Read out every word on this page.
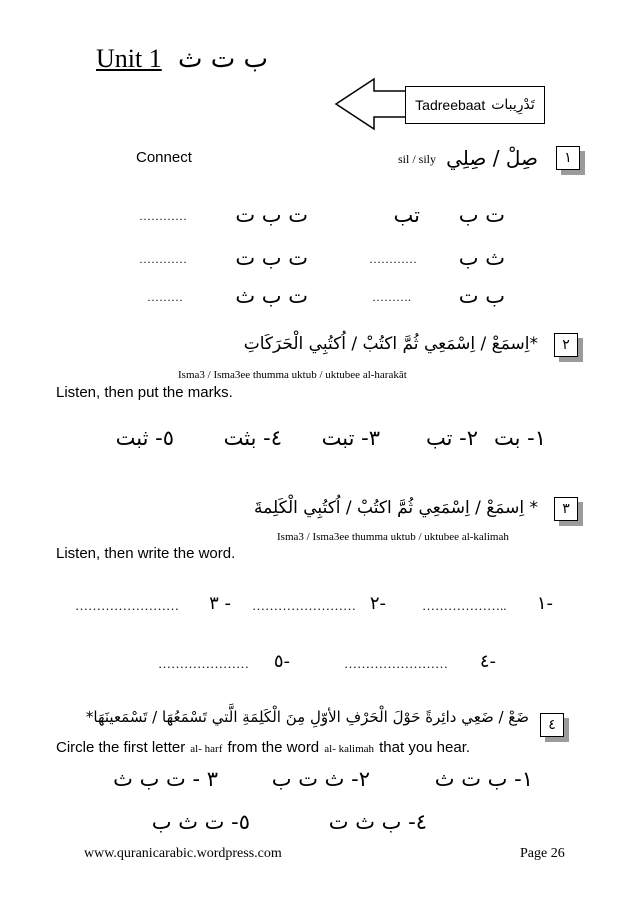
Unit 1 ب ت ث
Tadreebaat تَدْرِيبات
١
صِلْ / صِلِي
sil / sily
Connect
ت ب
تب
ت ب ت
…………
ث ب
…………
ت ب ت
…………
ب ت
……….
ت ب ث
………
٢
*اِسمَعْ / اِسْمَعِي ثُمَّ اكتُبْ / اُكتُبِي الْحَرَكَاتِ
Isma3 / Isma3ee thumma uktub / uktubee al-harakāt
Listen, then put the marks.
١- بت
٢- تب
٣- تبت
٤- بثت
٥- ثبت
٣
* اِسمَعْ / اِسْمَعِي ثُمَّ اكتُبْ / اُكتُبِي الْكَلِمةَ
Isma3 / Isma3ee thumma uktub / uktubee al-kalimah
Listen, then write the word.
١-
………………..
٢-
……………………
٣ -
……………………
٤-
……………………
٥-
…………………
٤
ضَعْ / ضَعِي دائِرةً حَوْلَ الْحَرْفِ الأوّلِ مِنَ الْكَلِمَةِ الَّتي تَسْمَعُهَا / تَسْمَعينَهَا*
Circle the first letter al- harf from the word al- kalimah that you hear.
١- ب ت ث
٢- ث ت ب
٣ - ت ب ث
٤- ب ث ت
٥- ت ث ب
www.quranicarabic.wordpress.com	Page 26
